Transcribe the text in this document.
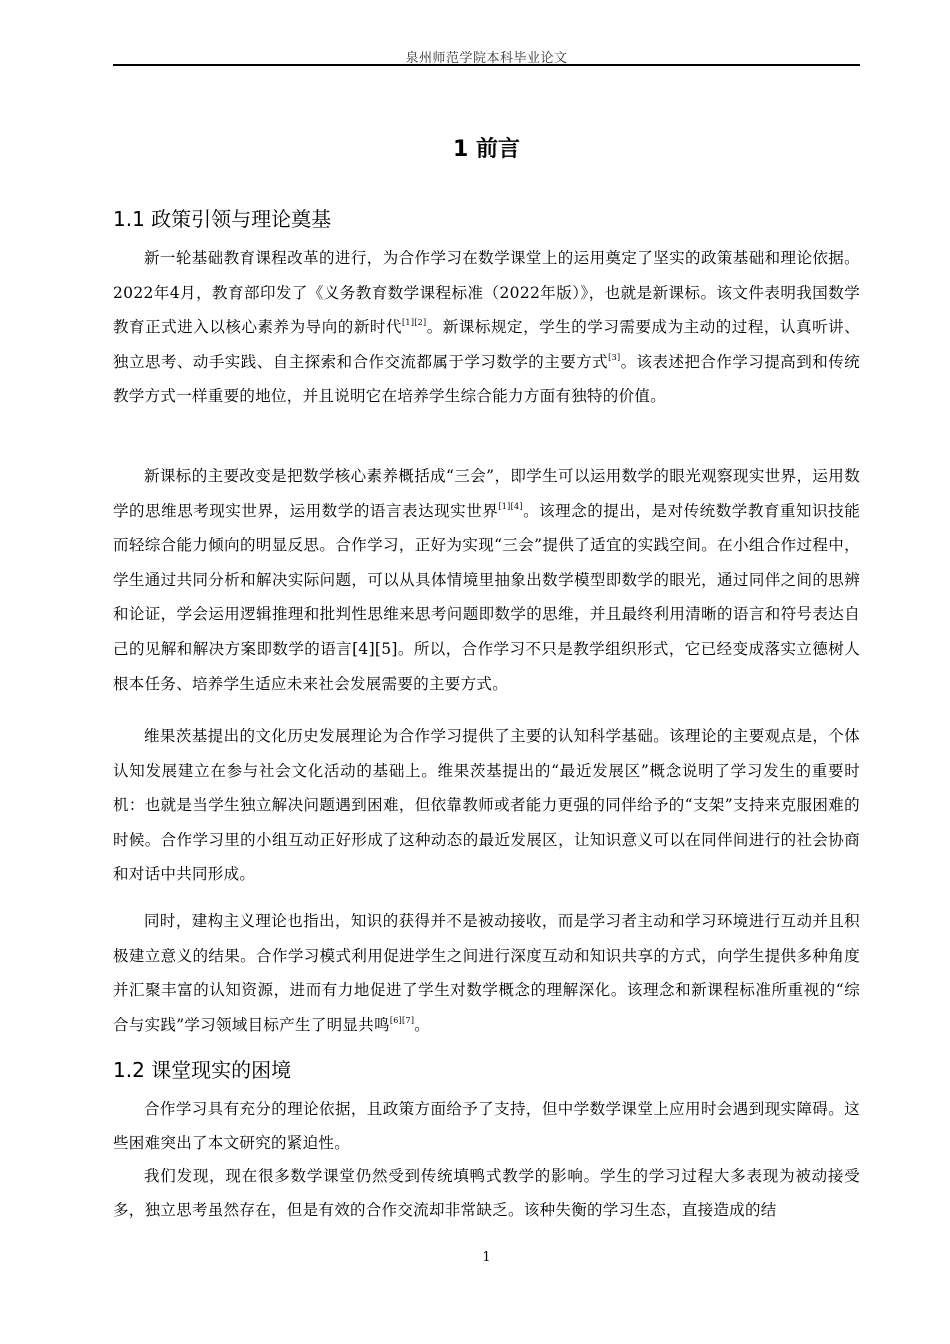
泉州师范学院本科毕业论文
1 前言
1.1 政策引领与理论奠基

新一轮基础教育课程改革的进行，为合作学习在数学课堂上的运用奠定了坚实的政策基础和理论依据。2022年4月，教育部印发了《义务教育数学课程标准（2022年版）》，也就是新课标。该文件表明我国数学教育正式进入以核心素养为导向的新时代[1][2]。新课标规定，学生的学习需要成为主动的过程，认真听讲、独立思考、动手实践、自主探索和合作交流都属于学习数学的主要方式[3]。该表述把合作学习提高到和传统教学方式一样重要的地位，并且说明它在培养学生综合能力方面有独特的价值。

新课标的主要改变是把数学核心素养概括成“三会”，即学生可以运用数学的眼光观察现实世界，运用数学的思维思考现实世界，运用数学的语言表达现实世界[1][4]。该理念的提出，是对传统数学教育重知识技能而轻综合能力倾向的明显反思。合作学习，正好为实现“三会”提供了适宜的实践空间。在小组合作过程中，学生通过共同分析和解决实际问题，可以从具体情境里抽象出数学模型即数学的眼光，通过同伴之间的思辨和论证，学会运用逻辑推理和批判性思维来思考问题即数学的思维，并且最终利用清晰的语言和符号表达自己的见解和解决方案即数学的语言[4][5]。所以，合作学习不只是教学组织形式，它已经变成落实立德树人根本任务、培养学生适应未来社会发展需要的主要方式。

维果茨基提出的文化历史发展理论为合作学习提供了主要的认知科学基础。该理论的主要观点是，个体认知发展建立在参与社会文化活动的基础上。维果茨基提出的“最近发展区”概念说明了学习发生的重要时机：也就是当学生独立解决问题遇到困难，但依靠教师或者能力更强的同伴给予的“支架”支持来克服困难的时候。合作学习里的小组互动正好形成了这种动态的最近发展区，让知识意义可以在同伴间进行的社会协商和对话中共同形成。

同时，建构主义理论也指出，知识的获得并不是被动接收，而是学习者主动和学习环境进行互动并且积极建立意义的结果。合作学习模式利用促进学生之间进行深度互动和知识共享的方式，向学生提供多种角度并汇聚丰富的认知资源，进而有力地促进了学生对数学概念的理解深化。该理念和新课程标准所重视的“综合与实践”学习领域目标产生了明显共鸣[6][7]。

1.2 课堂现实的困境

合作学习具有充分的理论依据，且政策方面给予了支持，但中学数学课堂上应用时会遇到现实障碍。这些困难突出了本文研究的紧迫性。

我们发现，现在很多数学课堂仍然受到传统填鸭式教学的影响。学生的学习过程大多表现为被动接受多，独立思考虽然存在，但是有效的合作交流却非常缺乏。该种失衡的学习生态，直接造成的结

1
